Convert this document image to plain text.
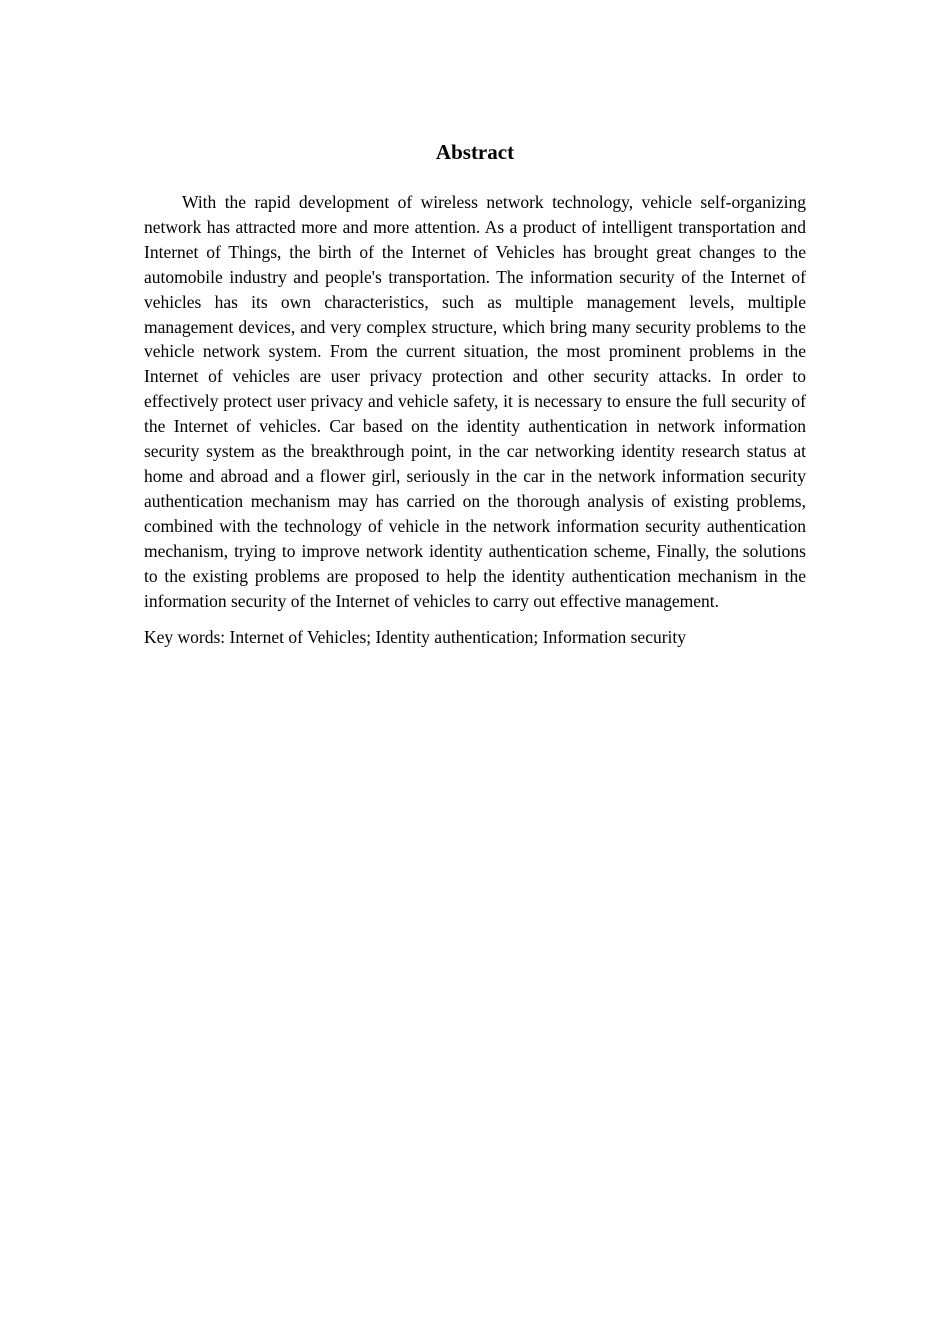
Abstract

With the rapid development of wireless network technology, vehicle self-organizing network has attracted more and more attention. As a product of intelligent transportation and Internet of Things, the birth of the Internet of Vehicles has brought great changes to the automobile industry and people's transportation. The information security of the Internet of vehicles has its own characteristics, such as multiple management levels, multiple management devices, and very complex structure, which bring many security problems to the vehicle network system. From the current situation, the most prominent problems in the Internet of vehicles are user privacy protection and other security attacks. In order to effectively protect user privacy and vehicle safety, it is necessary to ensure the full security of the Internet of vehicles. Car based on the identity authentication in network information security system as the breakthrough point, in the car networking identity research status at home and abroad and a flower girl, seriously in the car in the network information security authentication mechanism may has carried on the thorough analysis of existing problems, combined with the technology of vehicle in the network information security authentication mechanism, trying to improve network identity authentication scheme, Finally, the solutions to the existing problems are proposed to help the identity authentication mechanism in the information security of the Internet of vehicles to carry out effective management.

Key words: Internet of Vehicles; Identity authentication; Information security
